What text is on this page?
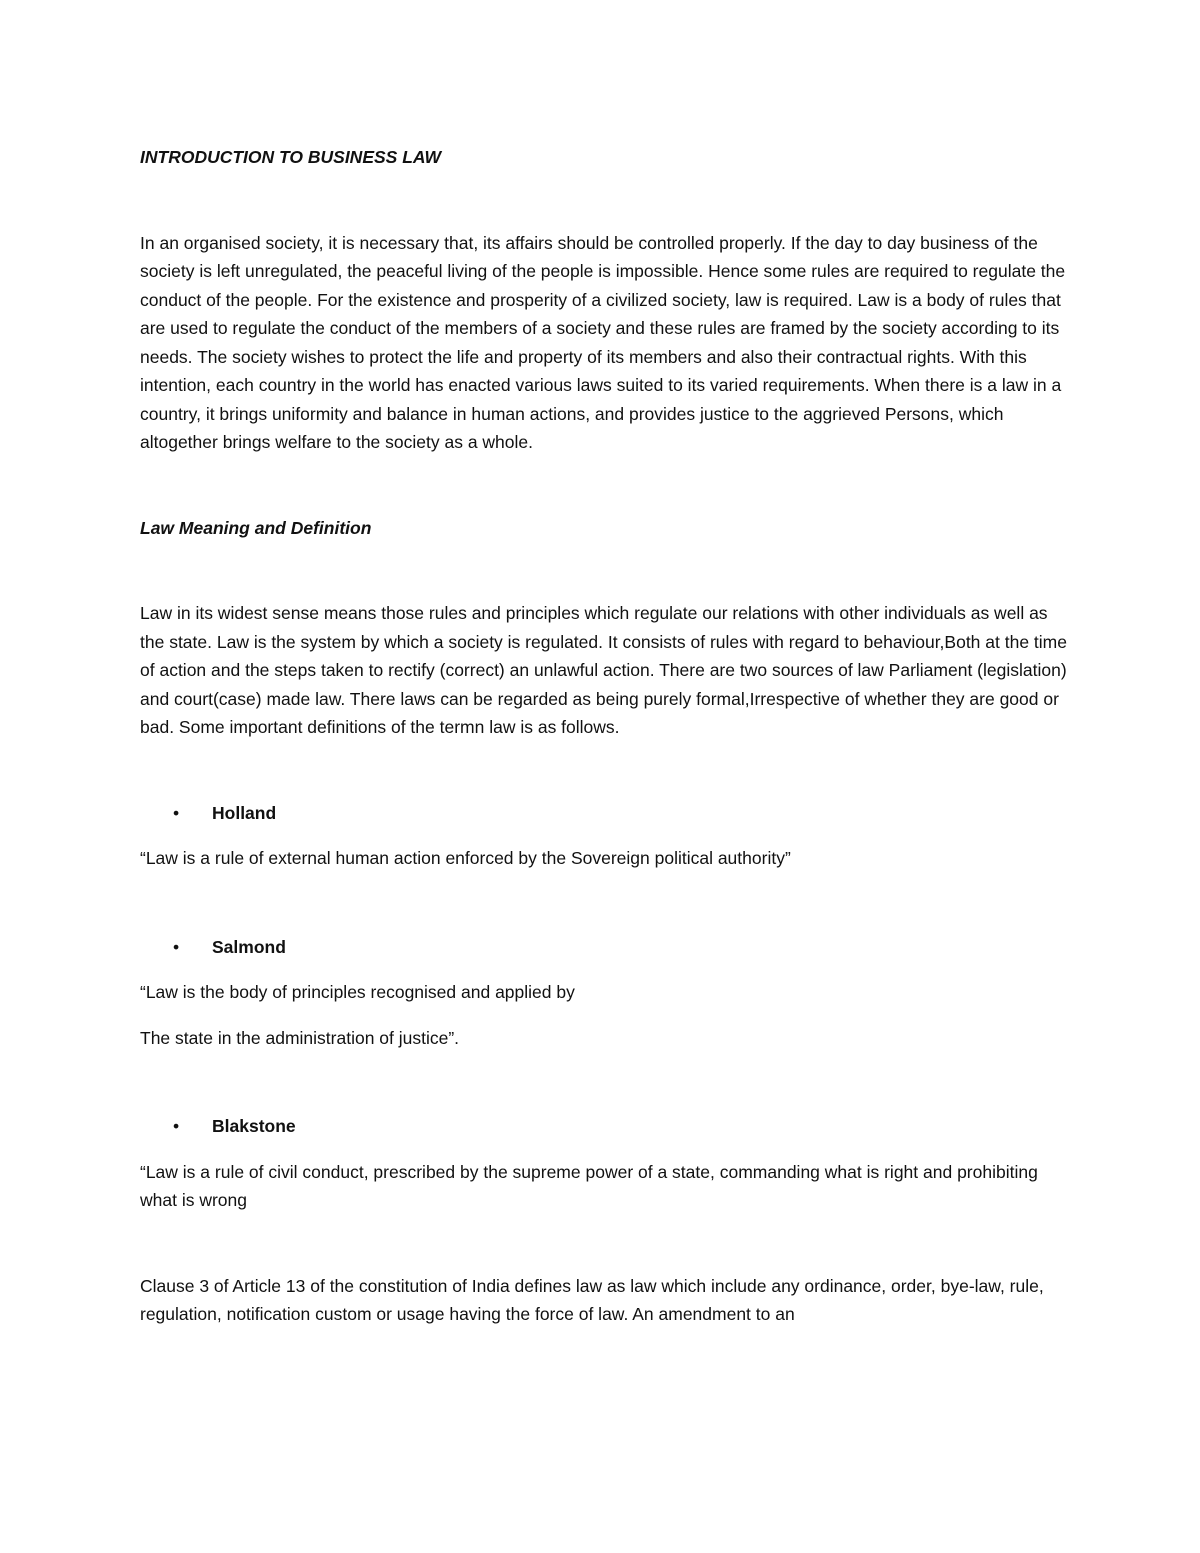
INTRODUCTION TO BUSINESS LAW

In an organised society, it is necessary that, its affairs should be controlled properly. If the day to day business of the society is left unregulated, the peaceful living of the people is impossible. Hence some rules are required to regulate the conduct of the people. For the existence and prosperity of a civilized society, law is required. Law is a body of rules that are used to regulate the conduct of the members of a society and these rules are framed by the society according to its needs. The society wishes to protect the life and property of its members and also their contractual rights. With this intention, each country in the world has enacted various laws suited to its varied requirements. When there is a law in a country, it brings uniformity and balance in human actions, and provides justice to the aggrieved Persons, which altogether brings welfare to the society as a whole.

Law Meaning and Definition

Law in its widest sense means those rules and principles which regulate our relations with other individuals as well as the state. Law is the system by which a society is regulated. It consists of rules with regard to behaviour,Both at the time of action and the steps taken to rectify (correct) an unlawful action. There are two sources of law Parliament (legislation) and court(case) made law. There laws can be regarded as being purely formal,Irrespective of whether they are good or bad. Some important definitions of the termn law is as follows.

• Holland

“Law is a rule of external human action enforced by the Sovereign political authority”

• Salmond

“Law is the body of principles recognised and applied by

The state in the administration of justice”.

• Blakstone

“Law is a rule of civil conduct, prescribed by the supreme power of a state, commanding what is right and prohibiting what is wrong

Clause 3 of Article 13 of the constitution of India defines law as law which include any ordinance, order, bye-law, rule, regulation, notification custom or usage having the force of law. An amendment to an
